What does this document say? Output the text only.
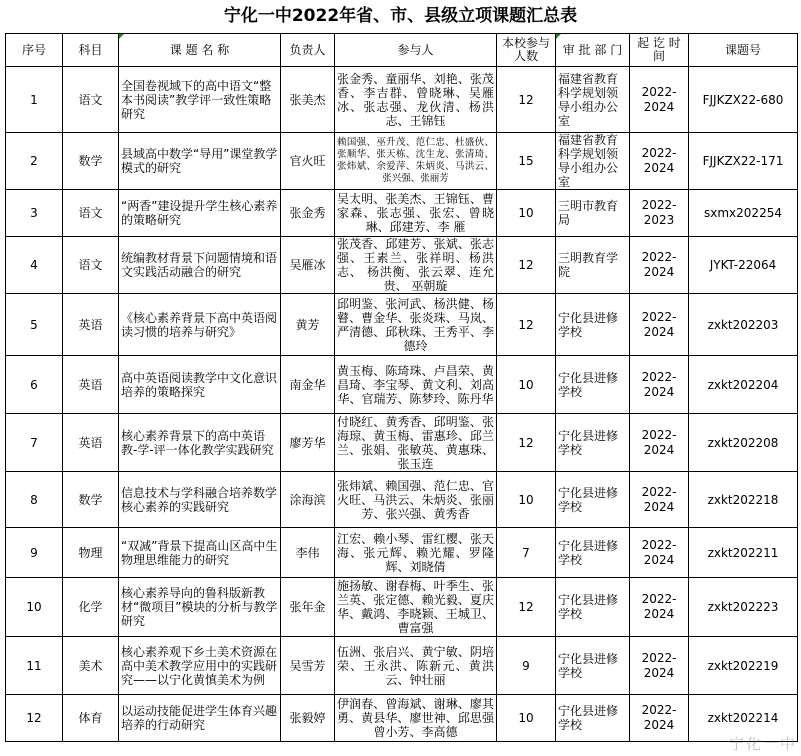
宁化一中2022年省、市、县级立项课题汇总表
序号	科目	课 题 名 称	负责人	参与人	本校参与人数	审 批 部 门	起 讫 时 间	课题号
1	语文	全国卷视域下的高中语文“整本书阅读”教学评一致性策略研究	张美杰	张金秀、童丽华、刘艳、张茂香、李吉群、曾晓琳、吴雁冰、张志强、龙伙清、杨洪志、王锦钰	12	福建省教育科学规划领导小组办公室	2022-2024	FJJKZX22-680
2	数学	县域高中数学“导用”课堂教学模式的研究	官火旺	赖国强、巫升茂、范仁忠、杜盛伙、张顺华、张天栋、沈生龙、张清琦、张炜斌、余爱萍、朱炳炎、马洪云、张兴强、张丽芳	15	福建省教育科学规划领导小组办公室	2022-2024	FJJKZX22-171
3	语文	“两香”建设提升学生核心素养的策略研究	张金秀	吴太明、张美杰、王锦钰、曹家森、张志强、张宏、曾晓琳、邱建芳、李 雁	10	三明市教育局	2022-2023	sxmx202254
4	语文	统编教材背景下问题情境和语文实践活动融合的研究	吴雁冰	张茂香、邱建芳、张斌、张志强、王素兰、张祥明、杨洪志、 杨洪衡、张云翠、连允贵、 巫朝璇	12	三明教育学院	2022-2024	JYKT-22064
5	英语	《核心素养背景下高中英语阅读习惯的培养与研究》	黄芳	邱明鉴、张河武、杨洪健、杨瞽、曹金华、张炎珠、马岚、 严清德、邱秋珠、王秀平、李德玲	12	宁化县进修学校	2022-2024	zxkt202203
6	英语	高中英语阅读教学中文化意识培养的策略探究	南金华	黄玉梅、陈琦珠、卢昌荣、黄昌琦、李宝琴、黄文利、刘高华、官瑞芳、陈梦玲、陈丹华	10	宁化县进修学校	2022-2024	zxkt202204
7	英语	核心素养背景下的高中英语教-学-评一体化教学实践研究	廖芳华	付晓红、黄秀香、邱明鉴、张海琼、黄玉梅、雷惠珍、邱兰兰、张娟、张敏英、黄惠珠、张玉连	12	宁化县进修学校	2022-2024	zxkt202208
8	数学	信息技术与学科融合培养数学核心素养的实践研究	涂海滨	张炜斌、赖国强、范仁忠、官火旺、马洪云、朱炳炎、张丽芳、张兴强、黄秀香	10	宁化县进修学校	2022-2024	zxkt202218
9	物理	“双减”背景下提高山区高中生物理思维能力的研究	李伟	江宏、赖小琴、雷红樱、张天海、张元辉、赖光耀、罗隆辉、刘晓倩	7	宁化县进修学校	2022-2024	zxkt202211
10	化学	核心素养导向的鲁科版新教材“微项目”模块的分析与教学研究	张年金	施扬敏、谢春梅、叶季生、张兰英、张定德、赖光毅、夏庆华、戴鸿、李晓颖、王城卫、曹富强	12	宁化县进修学校	2022-2024	zxkt202223
11	美术	核心素养观下乡土美术资源在高中美术教学应用中的实践研究——以宁化黄慎美术为例	吴雪芳	伍洲、张启兴、黄宁敏、阴培荣、王永洪、陈新元、黄洪云、钟壮丽	9	宁化县进修学校	2022-2024	zxkt202219
12	体育	以运动技能促进学生体育兴趣培养的行动研究	张毅婷	伊润春、曾海斌、谢琳、廖其勇、黄县华、廖世神、邱思强曾小芳、李高德	10	宁化县进修学校	2022-2024	zxkt202214
宁化一中
